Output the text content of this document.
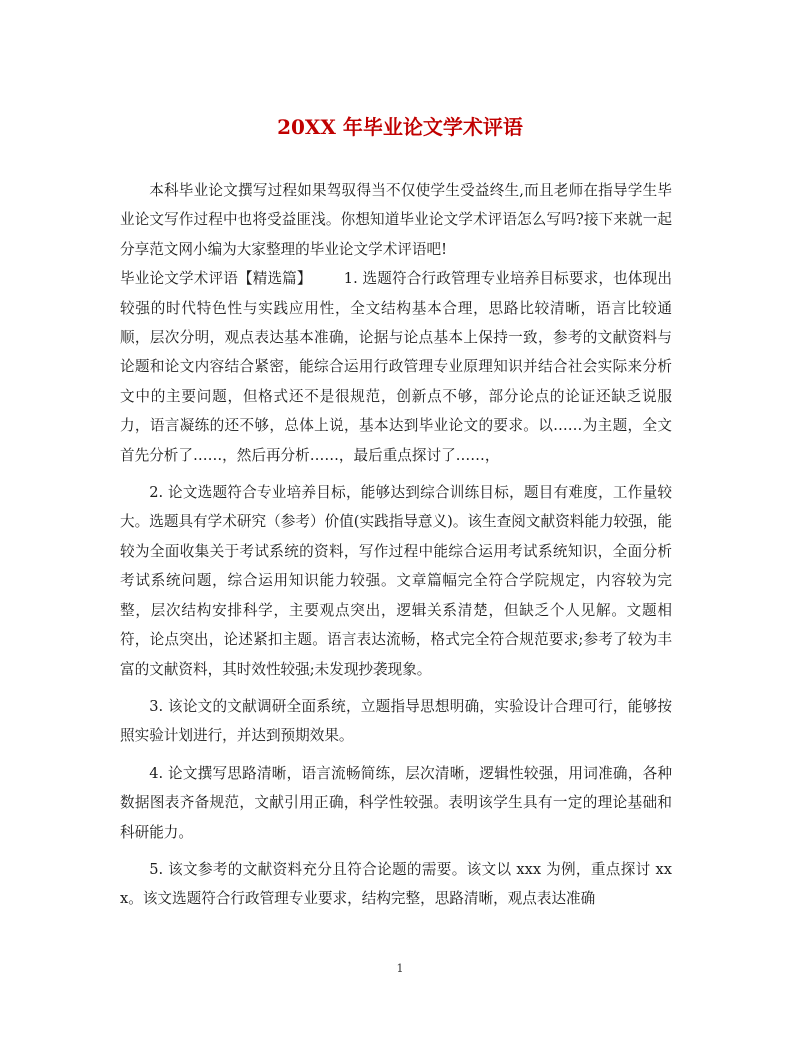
20XX 年毕业论文学术评语

本科毕业论文撰写过程如果驾驭得当不仅使学生受益终生,而且老师在指导学生毕业论文写作过程中也将受益匪浅。你想知道毕业论文学术评语怎么写吗?接下来就一起分享范文网小编为大家整理的毕业论文学术评语吧!

毕业论文学术评语【精选篇】 1. 选题符合行政管理专业培养目标要求，也体现出较强的时代特色性与实践应用性，全文结构基本合理，思路比较清晰，语言比较通顺，层次分明，观点表达基本准确，论据与论点基本上保持一致，参考的文献资料与论题和论文内容结合紧密，能综合运用行政管理专业原理知识并结合社会实际来分析文中的主要问题，但格式还不是很规范，创新点不够，部分论点的论证还缺乏说服力，语言凝练的还不够，总体上说，基本达到毕业论文的要求。以……为主题，全文首先分析了……，然后再分析……，最后重点探讨了……，

2. 论文选题符合专业培养目标，能够达到综合训练目标，题目有难度，工作量较大。选题具有学术研究（参考）价值(实践指导意义)。该生查阅文献资料能力较强，能较为全面收集关于考试系统的资料，写作过程中能综合运用考试系统知识，全面分析考试系统问题，综合运用知识能力较强。文章篇幅完全符合学院规定，内容较为完整，层次结构安排科学，主要观点突出，逻辑关系清楚，但缺乏个人见解。文题相符，论点突出，论述紧扣主题。语言表达流畅，格式完全符合规范要求;参考了较为丰富的文献资料，其时效性较强;未发现抄袭现象。

3. 该论文的文献调研全面系统，立题指导思想明确，实验设计合理可行，能够按照实验计划进行，并达到预期效果。

4. 论文撰写思路清晰，语言流畅简练，层次清晰，逻辑性较强，用词准确，各种数据图表齐备规范，文献引用正确，科学性较强。表明该学生具有一定的理论基础和科研能力。

5. 该文参考的文献资料充分且符合论题的需要。该文以 xxx 为例，重点探讨 xxx。该文选题符合行政管理专业要求，结构完整，思路清晰，观点表达准确

1
